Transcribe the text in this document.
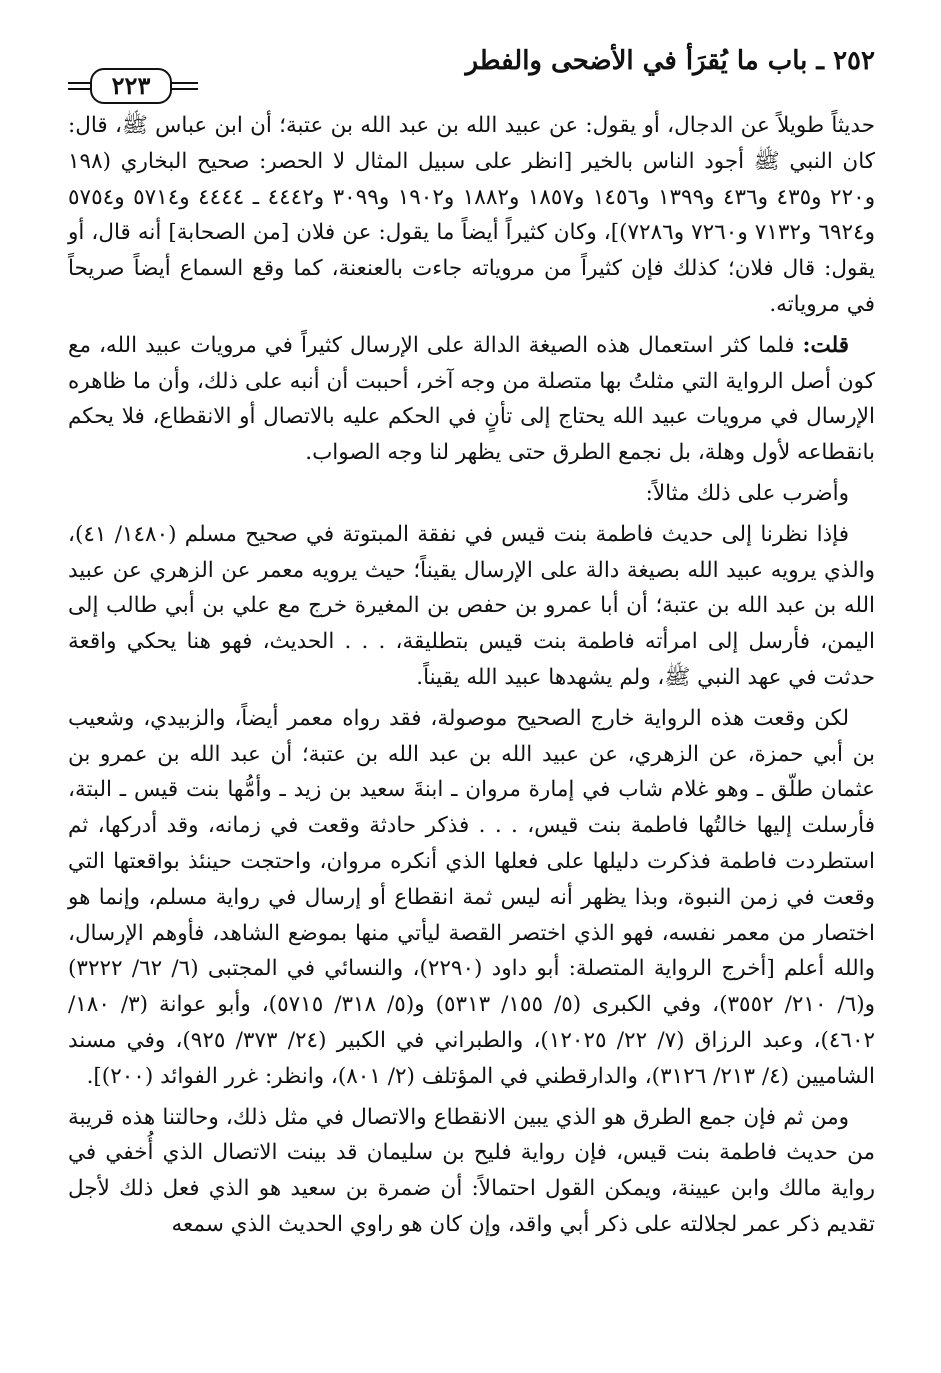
٢٥٢ ـ باب ما يُقرَأ في الأضحى والفطر
٢٢٣

حديثاً طويلاً عن الدجال، أو يقول: عن عبيد الله بن عبد الله بن عتبة؛ أن ابن عباس ﷺ، قال: كان النبي ﷺ أجود الناس بالخير [انظر على سبيل المثال لا الحصر: صحيح البخاري (١٩٨ و٢٢٠ و٤٣٥ و٤٣٦ و١٣٩٩ و١٤٥٦ و١٨٥٧ و١٨٨٢ و١٩٠٢ و٣٠٩٩ و٤٤٤٢ ـ ٤٤٤٤ و٥٧١٤ و٥٧٥٤ و٦٩٢٤ و٧١٣٢ و٧٢٦٠ و٧٢٨٦)]، وكان كثيراً أيضاً ما يقول: عن فلان [من الصحابة] أنه قال، أو يقول: قال فلان؛ كذلك فإن كثيراً من مروياته جاءت بالعنعنة، كما وقع السماع أيضاً صريحاً في مروياته.

قلت: فلما كثر استعمال هذه الصيغة الدالة على الإرسال كثيراً في مرويات عبيد الله، مع كون أصل الرواية التي مثلتُ بها متصلة من وجه آخر، أحببت أن أنبه على ذلك، وأن ما ظاهره الإرسال في مرويات عبيد الله يحتاج إلى تأنٍ في الحكم عليه بالاتصال أو الانقطاع، فلا يحكم بانقطاعه لأول وهلة، بل نجمع الطرق حتى يظهر لنا وجه الصواب.

وأضرب على ذلك مثالاً:

فإذا نظرنا إلى حديث فاطمة بنت قيس في نفقة المبتوتة في صحيح مسلم (١٤٨٠/ ٤١)، والذي يرويه عبيد الله بصيغة دالة على الإرسال يقيناً؛ حيث يرويه معمر عن الزهري عن عبيد الله بن عبد الله بن عتبة؛ أن أبا عمرو بن حفص بن المغيرة خرج مع علي بن أبي طالب إلى اليمن، فأرسل إلى امرأته فاطمة بنت قيس بتطليقة، . . . الحديث، فهو هنا يحكي واقعة حدثت في عهد النبي ﷺ، ولم يشهدها عبيد الله يقيناً.

لكن وقعت هذه الرواية خارج الصحيح موصولة، فقد رواه معمر أيضاً، والزبيدي، وشعيب بن أبي حمزة، عن الزهري، عن عبيد الله بن عبد الله بن عتبة؛ أن عبد الله بن عمرو بن عثمان طلّق ـ وهو غلام شاب في إمارة مروان ـ ابنةَ سعيد بن زيد ـ وأمُّها بنت قيس ـ البتة، فأرسلت إليها خالتُها فاطمة بنت قيس، . . . فذكر حادثة وقعت في زمانه، وقد أدركها، ثم استطردت فاطمة فذكرت دليلها على فعلها الذي أنكره مروان، واحتجت حينئذ بواقعتها التي وقعت في زمن النبوة، وبذا يظهر أنه ليس ثمة انقطاع أو إرسال في رواية مسلم، وإنما هو اختصار من معمر نفسه، فهو الذي اختصر القصة ليأتي منها بموضع الشاهد، فأوهم الإرسال، والله أعلم [أخرج الرواية المتصلة: أبو داود (٢٢٩٠)، والنسائي في المجتبى (٦/ ٦٢/ ٣٢٢٢) و(٦/ ٢١٠/ ٣٥٥٢)، وفي الكبرى (٥/ ١٥٥/ ٥٣١٣) و(٥/ ٣١٨/ ٥٧١٥)، وأبو عوانة (٣/ ١٨٠/ ٤٦٠٢)، وعبد الرزاق (٧/ ٢٢/ ١٢٠٢٥)، والطبراني في الكبير (٢٤/ ٣٧٣/ ٩٢٥)، وفي مسند الشاميين (٤/ ٢١٣/ ٣١٢٦)، والدارقطني في المؤتلف (٢/ ٨٠١)، وانظر: غرر الفوائد (٢٠٠)].

ومن ثم فإن جمع الطرق هو الذي يبين الانقطاع والاتصال في مثل ذلك، وحالتنا هذه قريبة من حديث فاطمة بنت قيس، فإن رواية فليح بن سليمان قد بينت الاتصال الذي أُخفي في رواية مالك وابن عيينة، ويمكن القول احتمالاً: أن ضمرة بن سعيد هو الذي فعل ذلك لأجل تقديم ذكر عمر لجلالته على ذكر أبي واقد، وإن كان هو راوي الحديث الذي سمعه
